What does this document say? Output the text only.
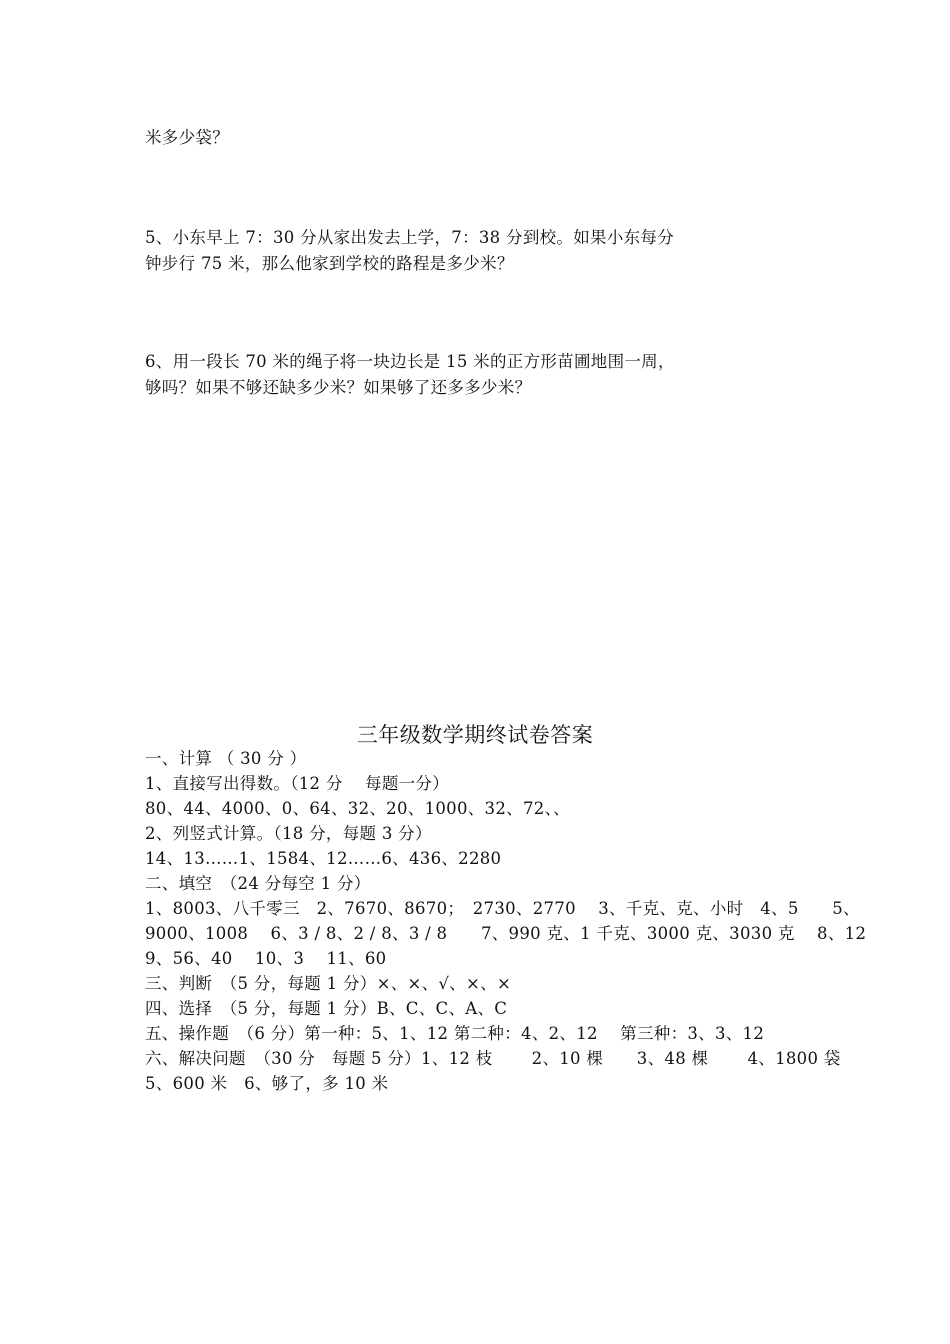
米多少袋？
5、小东早上 7：30 分从家出发去上学，7：38 分到校。如果小东每分
钟步行 75 米，那么他家到学校的路程是多少米？
6、用一段长 70 米的绳子将一块边长是 15 米的正方形苗圃地围一周，
够吗？如果不够还缺多少米？如果够了还多多少米？
三年级数学期终试卷答案
一、计算 （ 30 分 ）
1、直接写出得数。（12 分　 每题一分）
80、44、4000、0、64、32、20、1000、32、72、、
2、列竖式计算。（18 分，每题 3 分）
14、13……1、1584、12……6、436、2280
二、填空　（24 分每空 1 分）
1、8003、八千零三　2、7670、8670；　2730、2770　 3、千克、克、小时　4、5　　5、
9000、1008　 6、3 / 8、2 / 8、3 / 8　　7、990 克、1 千克、3000 克、3030 克　 8、12
9、56、40　 10、3　 11、60
三、判断　（5 分，每题 1 分）×、×、√、×、×
四、选择　（5 分，每题 1 分）B、C、C、A、C
五、操作题　（6 分）第一种：5、1、12 第二种：4、2、12　 第三种：3、3、12
六、解决问题　（30 分　每题 5 分）1、12 枝　　 2、10 棵　　3、48 棵　　 4、1800 袋
5、600 米　6、够了，多 10 米
